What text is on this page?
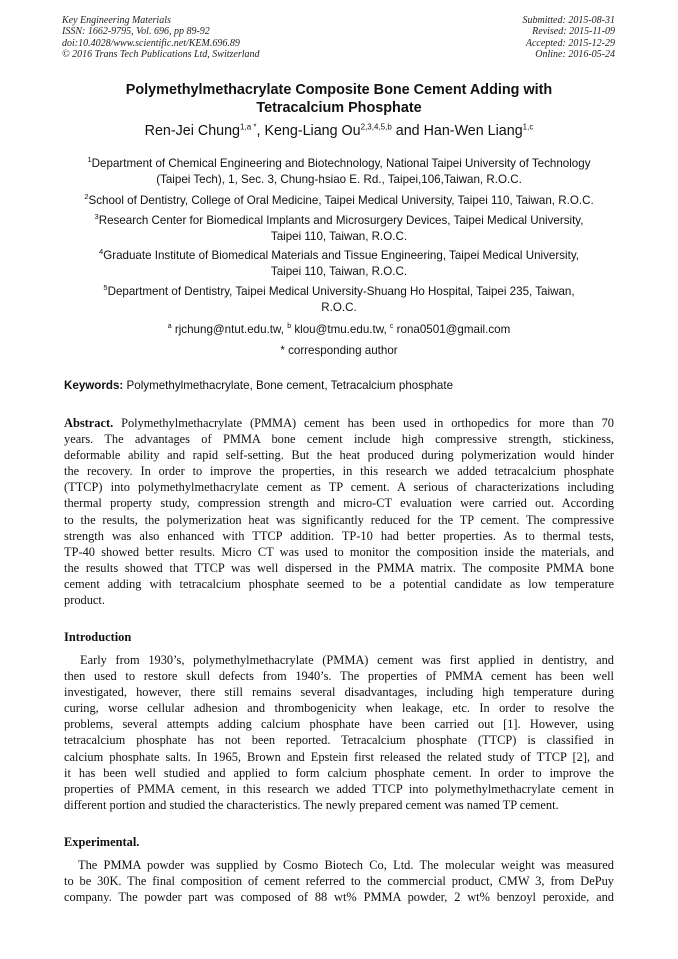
Key Engineering Materials
ISSN: 1662-9795, Vol. 696, pp 89-92
doi:10.4028/www.scientific.net/KEM.696.89
© 2016 Trans Tech Publications Ltd, Switzerland
Submitted: 2015-08-31
Revised: 2015-11-09
Accepted: 2015-12-29
Online: 2016-05-24
Polymethylmethacrylate Composite Bone Cement Adding with
Tetracalcium Phosphate
Ren-Jei Chung$^{1,a *}$, Keng-Liang Ou$^{2,3,4,5,b}$ and Han-Wen Liang$^{1,c}$
$^1$Department of Chemical Engineering and Biotechnology, National Taipei University of Technology
(Taipei Tech), 1, Sec. 3, Chung-hsiao E. Rd., Taipei,106,Taiwan, R.O.C.
$^2$School of Dentistry, College of Oral Medicine, Taipei Medical University, Taipei 110, Taiwan, R.O.C.
$^3$Research Center for Biomedical Implants and Microsurgery Devices, Taipei Medical University,
Taipei 110, Taiwan, R.O.C.
$^4$Graduate Institute of Biomedical Materials and Tissue Engineering, Taipei Medical University,
Taipei 110, Taiwan, R.O.C.
$^5$Department of Dentistry, Taipei Medical University-Shuang Ho Hospital, Taipei 235, Taiwan,
R.O.C.
$^a$ rjchung@ntut.edu.tw, $^b$ klou@tmu.edu.tw, $^c$ rona0501@gmail.com
* corresponding author
Keywords: Polymethylmethacrylate, Bone cement, Tetracalcium phosphate
Abstract. Polymethylmethacrylate (PMMA) cement has been used in orthopedics for more than 70
years. The advantages of PMMA bone cement include high compressive strength, stickiness,
deformable ability and rapid self-setting. But the heat produced during polymerization would hinder
the recovery. In order to improve the properties, in this research we added tetracalcium phosphate
(TTCP) into polymethylmethacrylate cement as TP cement. A serious of characterizations including
thermal property study, compression strength and micro-CT evaluation were carried out. According
to the results, the polymerization heat was significantly reduced for the TP cement. The compressive
strength was also enhanced with TTCP addition. TP-10 had better properties. As to thermal tests,
TP-40 showed better results. Micro CT was used to monitor the composition inside the materials, and
the results showed that TTCP was well dispersed in the PMMA matrix. The composite PMMA bone
cement adding with tetracalcium phosphate seemed to be a potential candidate as low temperature
product.
Introduction
Early from 1930’s, polymethylmethacrylate (PMMA) cement was first applied in dentistry, and
then used to restore skull defects from 1940’s. The properties of PMMA cement has been well
investigated, however, there still remains several disadvantages, including high temperature during
curing, worse cellular adhesion and thrombogenicity when leakage, etc. In order to resolve the
problems, several attempts adding calcium phosphate have been carried out [1]. However, using
tetracalcium phosphate has not been reported. Tetracalcium phosphate (TTCP) is classified in
calcium phosphate salts. In 1965, Brown and Epstein first released the related study of TTCP [2], and
it has been well studied and applied to form calcium phosphate cement. In order to improve the
properties of PMMA cement, in this research we added TTCP into polymethylmethacrylate cement in
different portion and studied the characteristics. The newly prepared cement was named TP cement.
Experimental.
The PMMA powder was supplied by Cosmo Biotech Co, Ltd. The molecular weight was measured
to be 30K. The final composition of cement referred to the commercial product, CMW 3, from DePuy
company. The powder part was composed of 88 wt% PMMA powder, 2 wt% benzoyl peroxide, and
